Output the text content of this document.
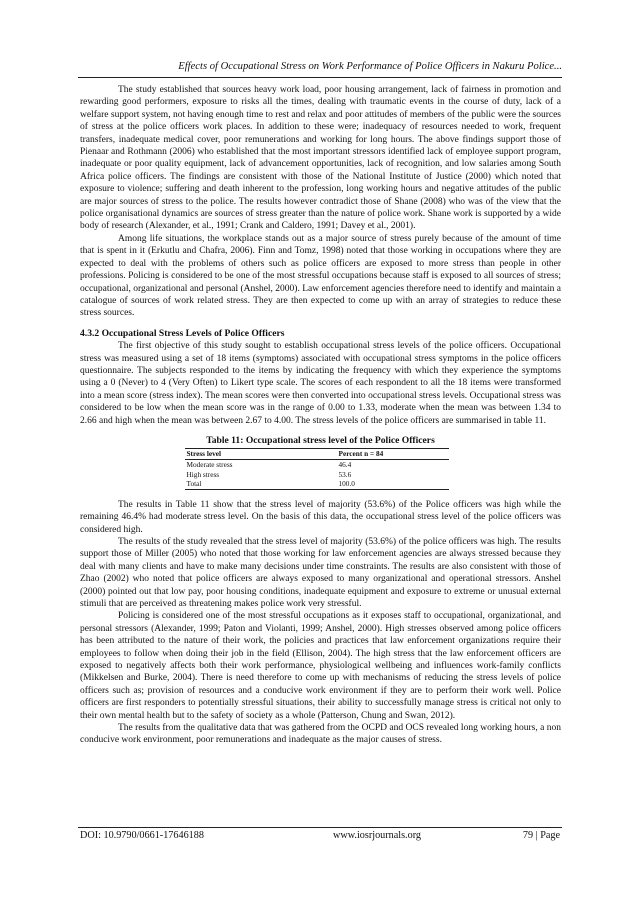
Effects of Occupational Stress on Work Performance of Police Officers in Nakuru Police...

The study established that sources heavy work load, poor housing arrangement, lack of fairness in promotion and rewarding good performers, exposure to risks all the times, dealing with traumatic events in the course of duty, lack of a welfare support system, not having enough time to rest and relax and poor attitudes of members of the public were the sources of stress at the police officers work places. In addition to these were; inadequacy of resources needed to work, frequent transfers, inadequate medical cover, poor remunerations and working for long hours. The above findings support those of Pienaar and Rothmann (2006) who established that the most important stressors identified lack of employee support program, inadequate or poor quality equipment, lack of advancement opportunities, lack of recognition, and low salaries among South Africa police officers. The findings are consistent with those of the National Institute of Justice (2000) which noted that exposure to violence; suffering and death inherent to the profession, long working hours and negative attitudes of the public are major sources of stress to the police. The results however contradict those of Shane (2008) who was of the view that the police organisational dynamics are sources of stress greater than the nature of police work. Shane work is supported by a wide body of research (Alexander, et al., 1991; Crank and Caldero, 1991; Davey et al., 2001).

Among life situations, the workplace stands out as a major source of stress purely because of the amount of time that is spent in it (Erkutlu and Chafra, 2006). Finn and Tomz, 1998) noted that those working in occupations where they are expected to deal with the problems of others such as police officers are exposed to more stress than people in other professions. Policing is considered to be one of the most stressful occupations because staff is exposed to all sources of stress; occupational, organizational and personal (Anshel, 2000). Law enforcement agencies therefore need to identify and maintain a catalogue of sources of work related stress. They are then expected to come up with an array of strategies to reduce these stress sources.

4.3.2 Occupational Stress Levels of Police Officers

The first objective of this study sought to establish occupational stress levels of the police officers. Occupational stress was measured using a set of 18 items (symptoms) associated with occupational stress symptoms in the police officers questionnaire. The subjects responded to the items by indicating the frequency with which they experience the symptoms using a 0 (Never) to 4 (Very Often) to Likert type scale. The scores of each respondent to all the 18 items were transformed into a mean score (stress index). The mean scores were then converted into occupational stress levels. Occupational stress was considered to be low when the mean score was in the range of 0.00 to 1.33, moderate when the mean was between 1.34 to 2.66 and high when the mean was between 2.67 to 4.00. The stress levels of the police officers are summarised in table 11.

Table 11: Occupational stress level of the Police Officers
Stress level	Percent n = 84
Moderate stress	46.4
High stress	53.6
Total	100.0

The results in Table 11 show that the stress level of majority (53.6%) of the Police officers was high while the remaining 46.4% had moderate stress level. On the basis of this data, the occupational stress level of the police officers was considered high.

The results of the study revealed that the stress level of majority (53.6%) of the police officers was high. The results support those of Miller (2005) who noted that those working for law enforcement agencies are always stressed because they deal with many clients and have to make many decisions under time constraints. The results are also consistent with those of Zhao (2002) who noted that police officers are always exposed to many organizational and operational stressors. Anshel (2000) pointed out that low pay, poor housing conditions, inadequate equipment and exposure to extreme or unusual external stimuli that are perceived as threatening makes police work very stressful.

Policing is considered one of the most stressful occupations as it exposes staff to occupational, organizational, and personal stressors (Alexander, 1999; Paton and Violanti, 1999; Anshel, 2000). High stresses observed among police officers has been attributed to the nature of their work, the policies and practices that law enforcement organizations require their employees to follow when doing their job in the field (Ellison, 2004). The high stress that the law enforcement officers are exposed to negatively affects both their work performance, physiological wellbeing and influences work-family conflicts (Mikkelsen and Burke, 2004). There is need therefore to come up with mechanisms of reducing the stress levels of police officers such as; provision of resources and a conducive work environment if they are to perform their work well. Police officers are first responders to potentially stressful situations, their ability to successfully manage stress is critical not only to their own mental health but to the safety of society as a whole (Patterson, Chung and Swan, 2012).

The results from the qualitative data that was gathered from the OCPD and OCS revealed long working hours, a non conducive work environment, poor remunerations and inadequate as the major causes of stress.

DOI: 10.9790/0661-17646188	www.iosrjournals.org	79 | Page
